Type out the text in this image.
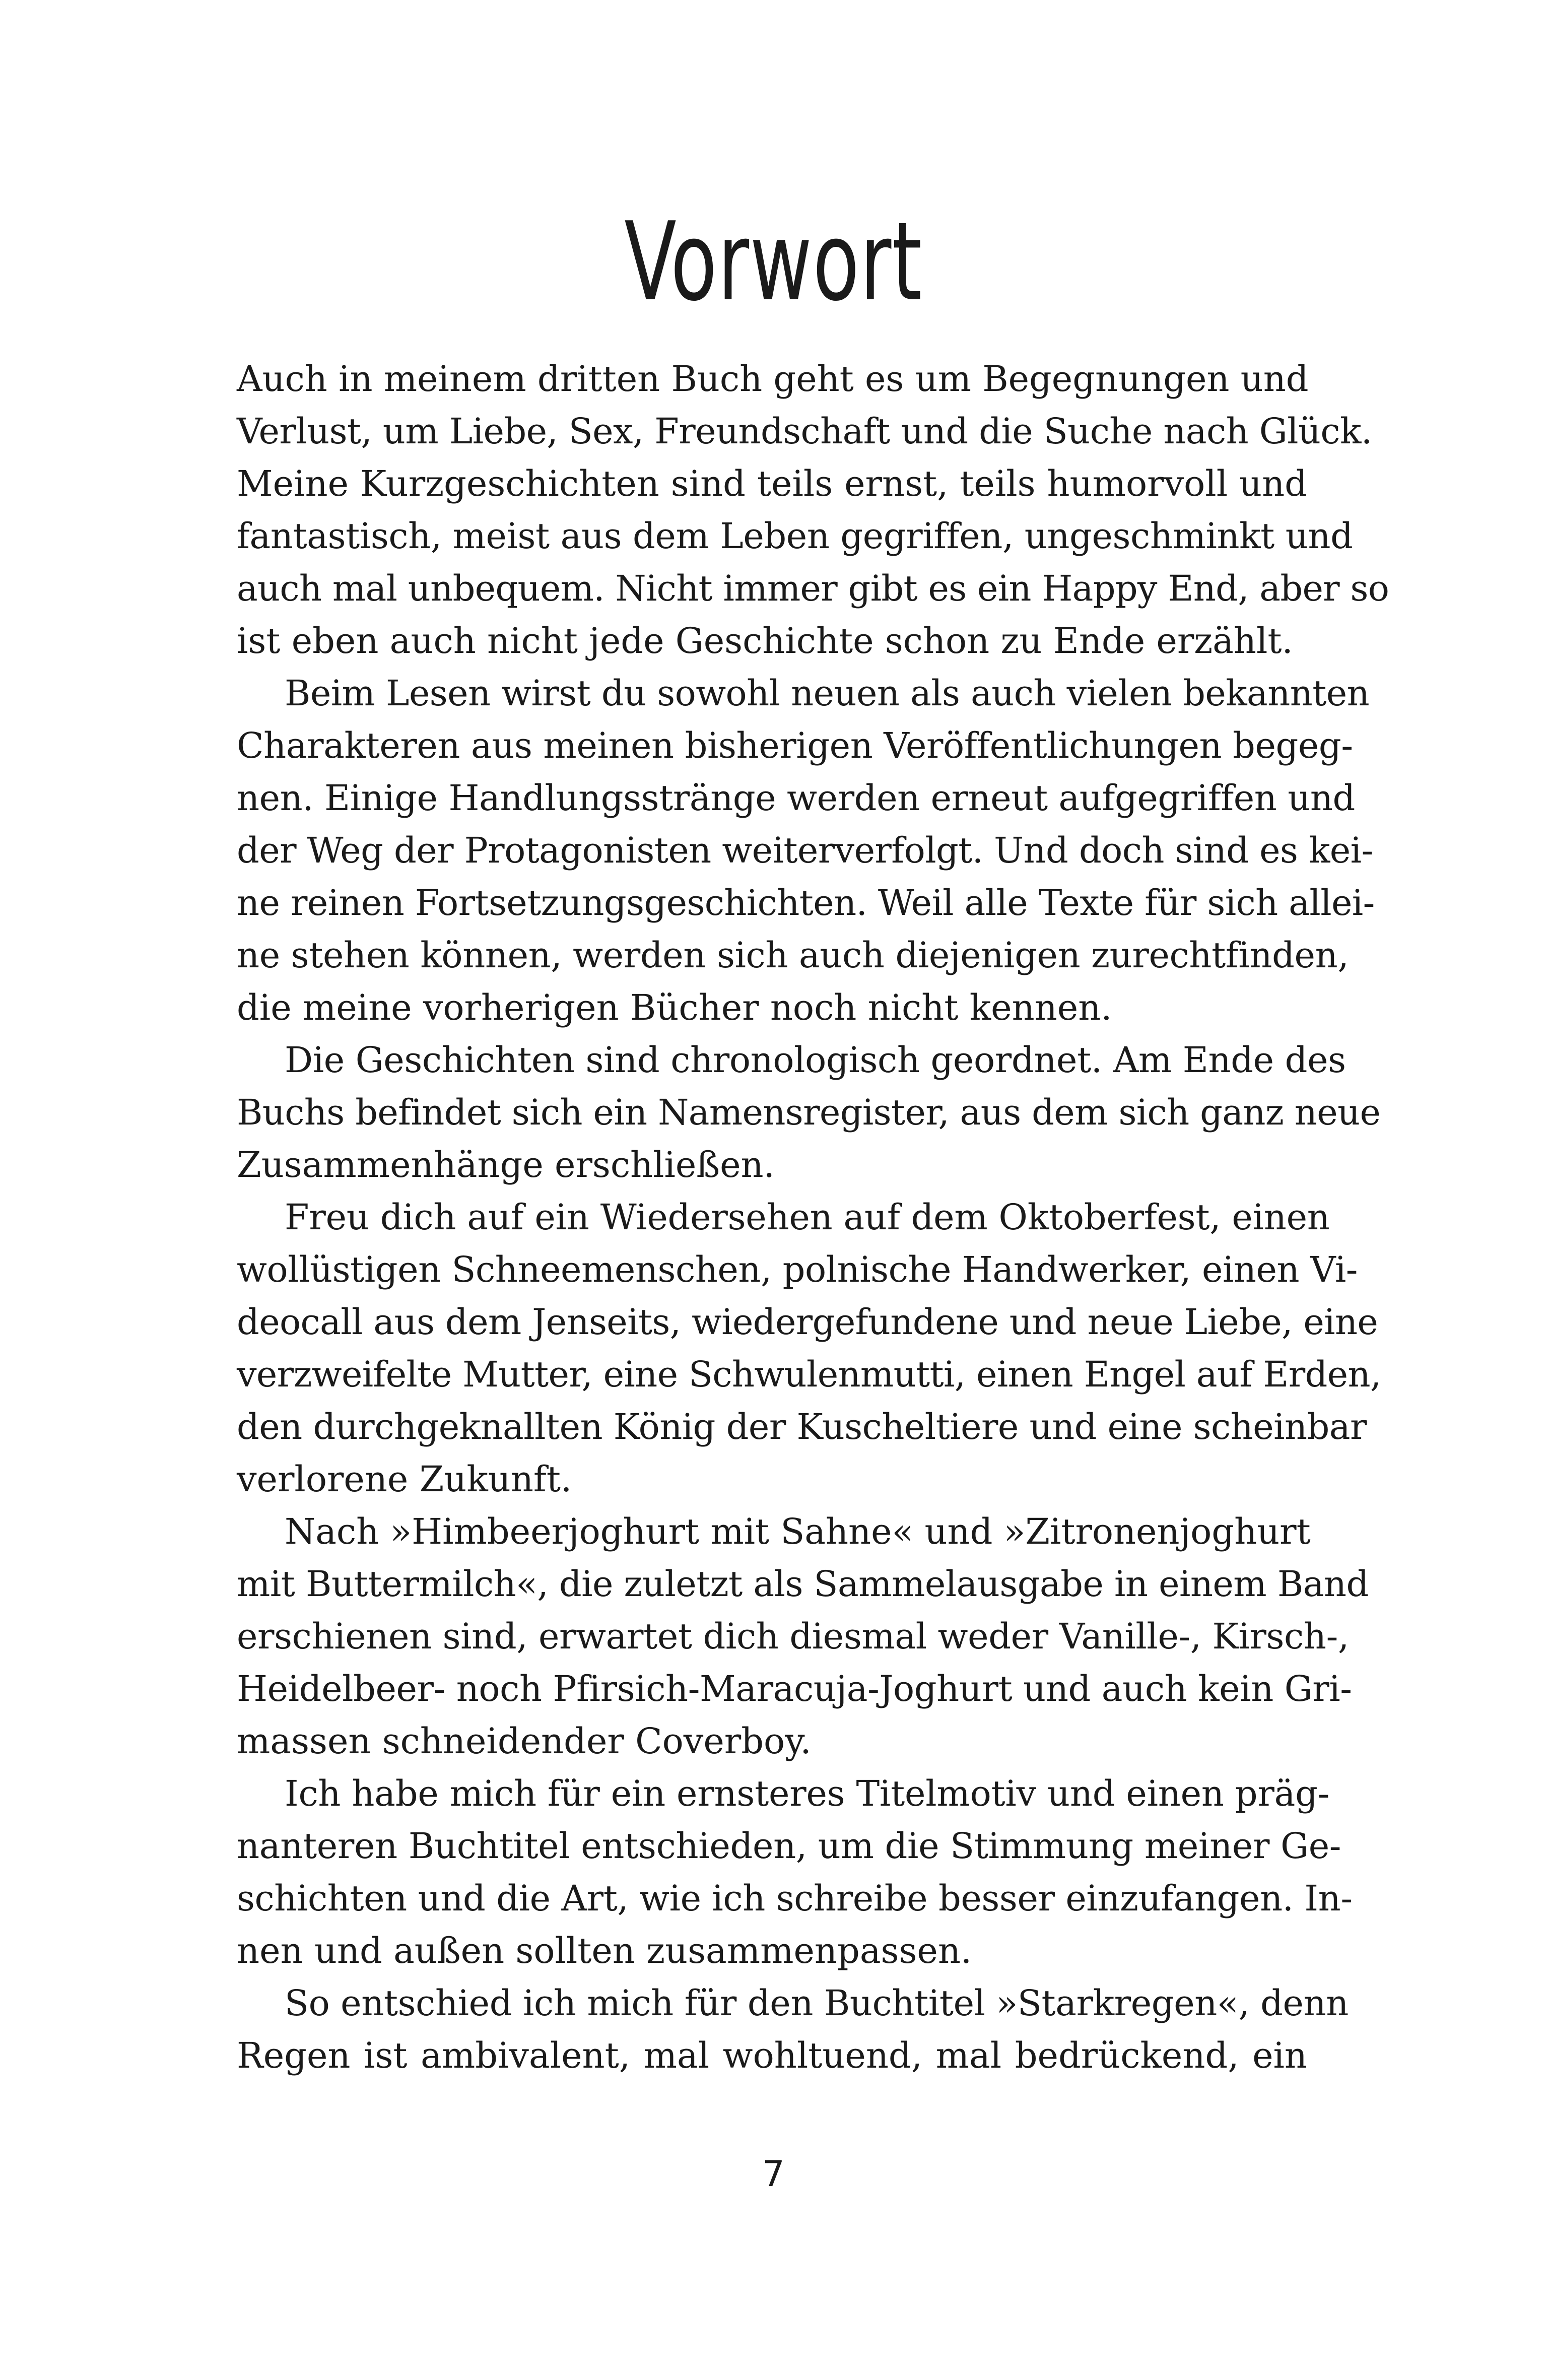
Vorwort
Auch in meinem dritten Buch geht es um Begegnungen und
Verlust, um Liebe, Sex, Freundschaft und die Suche nach Glück.
Meine Kurzgeschichten sind teils ernst, teils humorvoll und
fantastisch, meist aus dem Leben gegriffen, ungeschminkt und
auch mal unbequem. Nicht immer gibt es ein Happy End, aber so
ist eben auch nicht jede Geschichte schon zu Ende erzählt.
Beim Lesen wirst du sowohl neuen als auch vielen bekannten
Charakteren aus meinen bisherigen Veröffentlichungen begeg-
nen. Einige Handlungsstränge werden erneut aufgegriffen und
der Weg der Protagonisten weiterverfolgt. Und doch sind es kei-
ne reinen Fortsetzungsgeschichten. Weil alle Texte für sich allei-
ne stehen können, werden sich auch diejenigen zurechtfinden,
die meine vorherigen Bücher noch nicht kennen.
Die Geschichten sind chronologisch geordnet. Am Ende des
Buchs befindet sich ein Namensregister, aus dem sich ganz neue
Zusammenhänge erschließen.
Freu dich auf ein Wiedersehen auf dem Oktoberfest, einen
wollüstigen Schneemenschen, polnische Handwerker, einen Vi-
deocall aus dem Jenseits, wiedergefundene und neue Liebe, eine
verzweifelte Mutter, eine Schwulenmutti, einen Engel auf Erden,
den durchgeknallten König der Kuscheltiere und eine scheinbar
verlorene Zukunft.
Nach »Himbeerjoghurt mit Sahne« und »Zitronenjoghurt
mit Buttermilch«, die zuletzt als Sammelausgabe in einem Band
erschienen sind, erwartet dich diesmal weder Vanille-, Kirsch-,
Heidelbeer- noch Pfirsich-Maracuja-Joghurt und auch kein Gri-
massen schneidender Coverboy.
Ich habe mich für ein ernsteres Titelmotiv und einen präg-
nanteren Buchtitel entschieden, um die Stimmung meiner Ge-
schichten und die Art, wie ich schreibe besser einzufangen. In-
nen und außen sollten zusammenpassen.
So entschied ich mich für den Buchtitel »Starkregen«, denn
Regen ist ambivalent, mal wohltuend, mal bedrückend, ein
7
